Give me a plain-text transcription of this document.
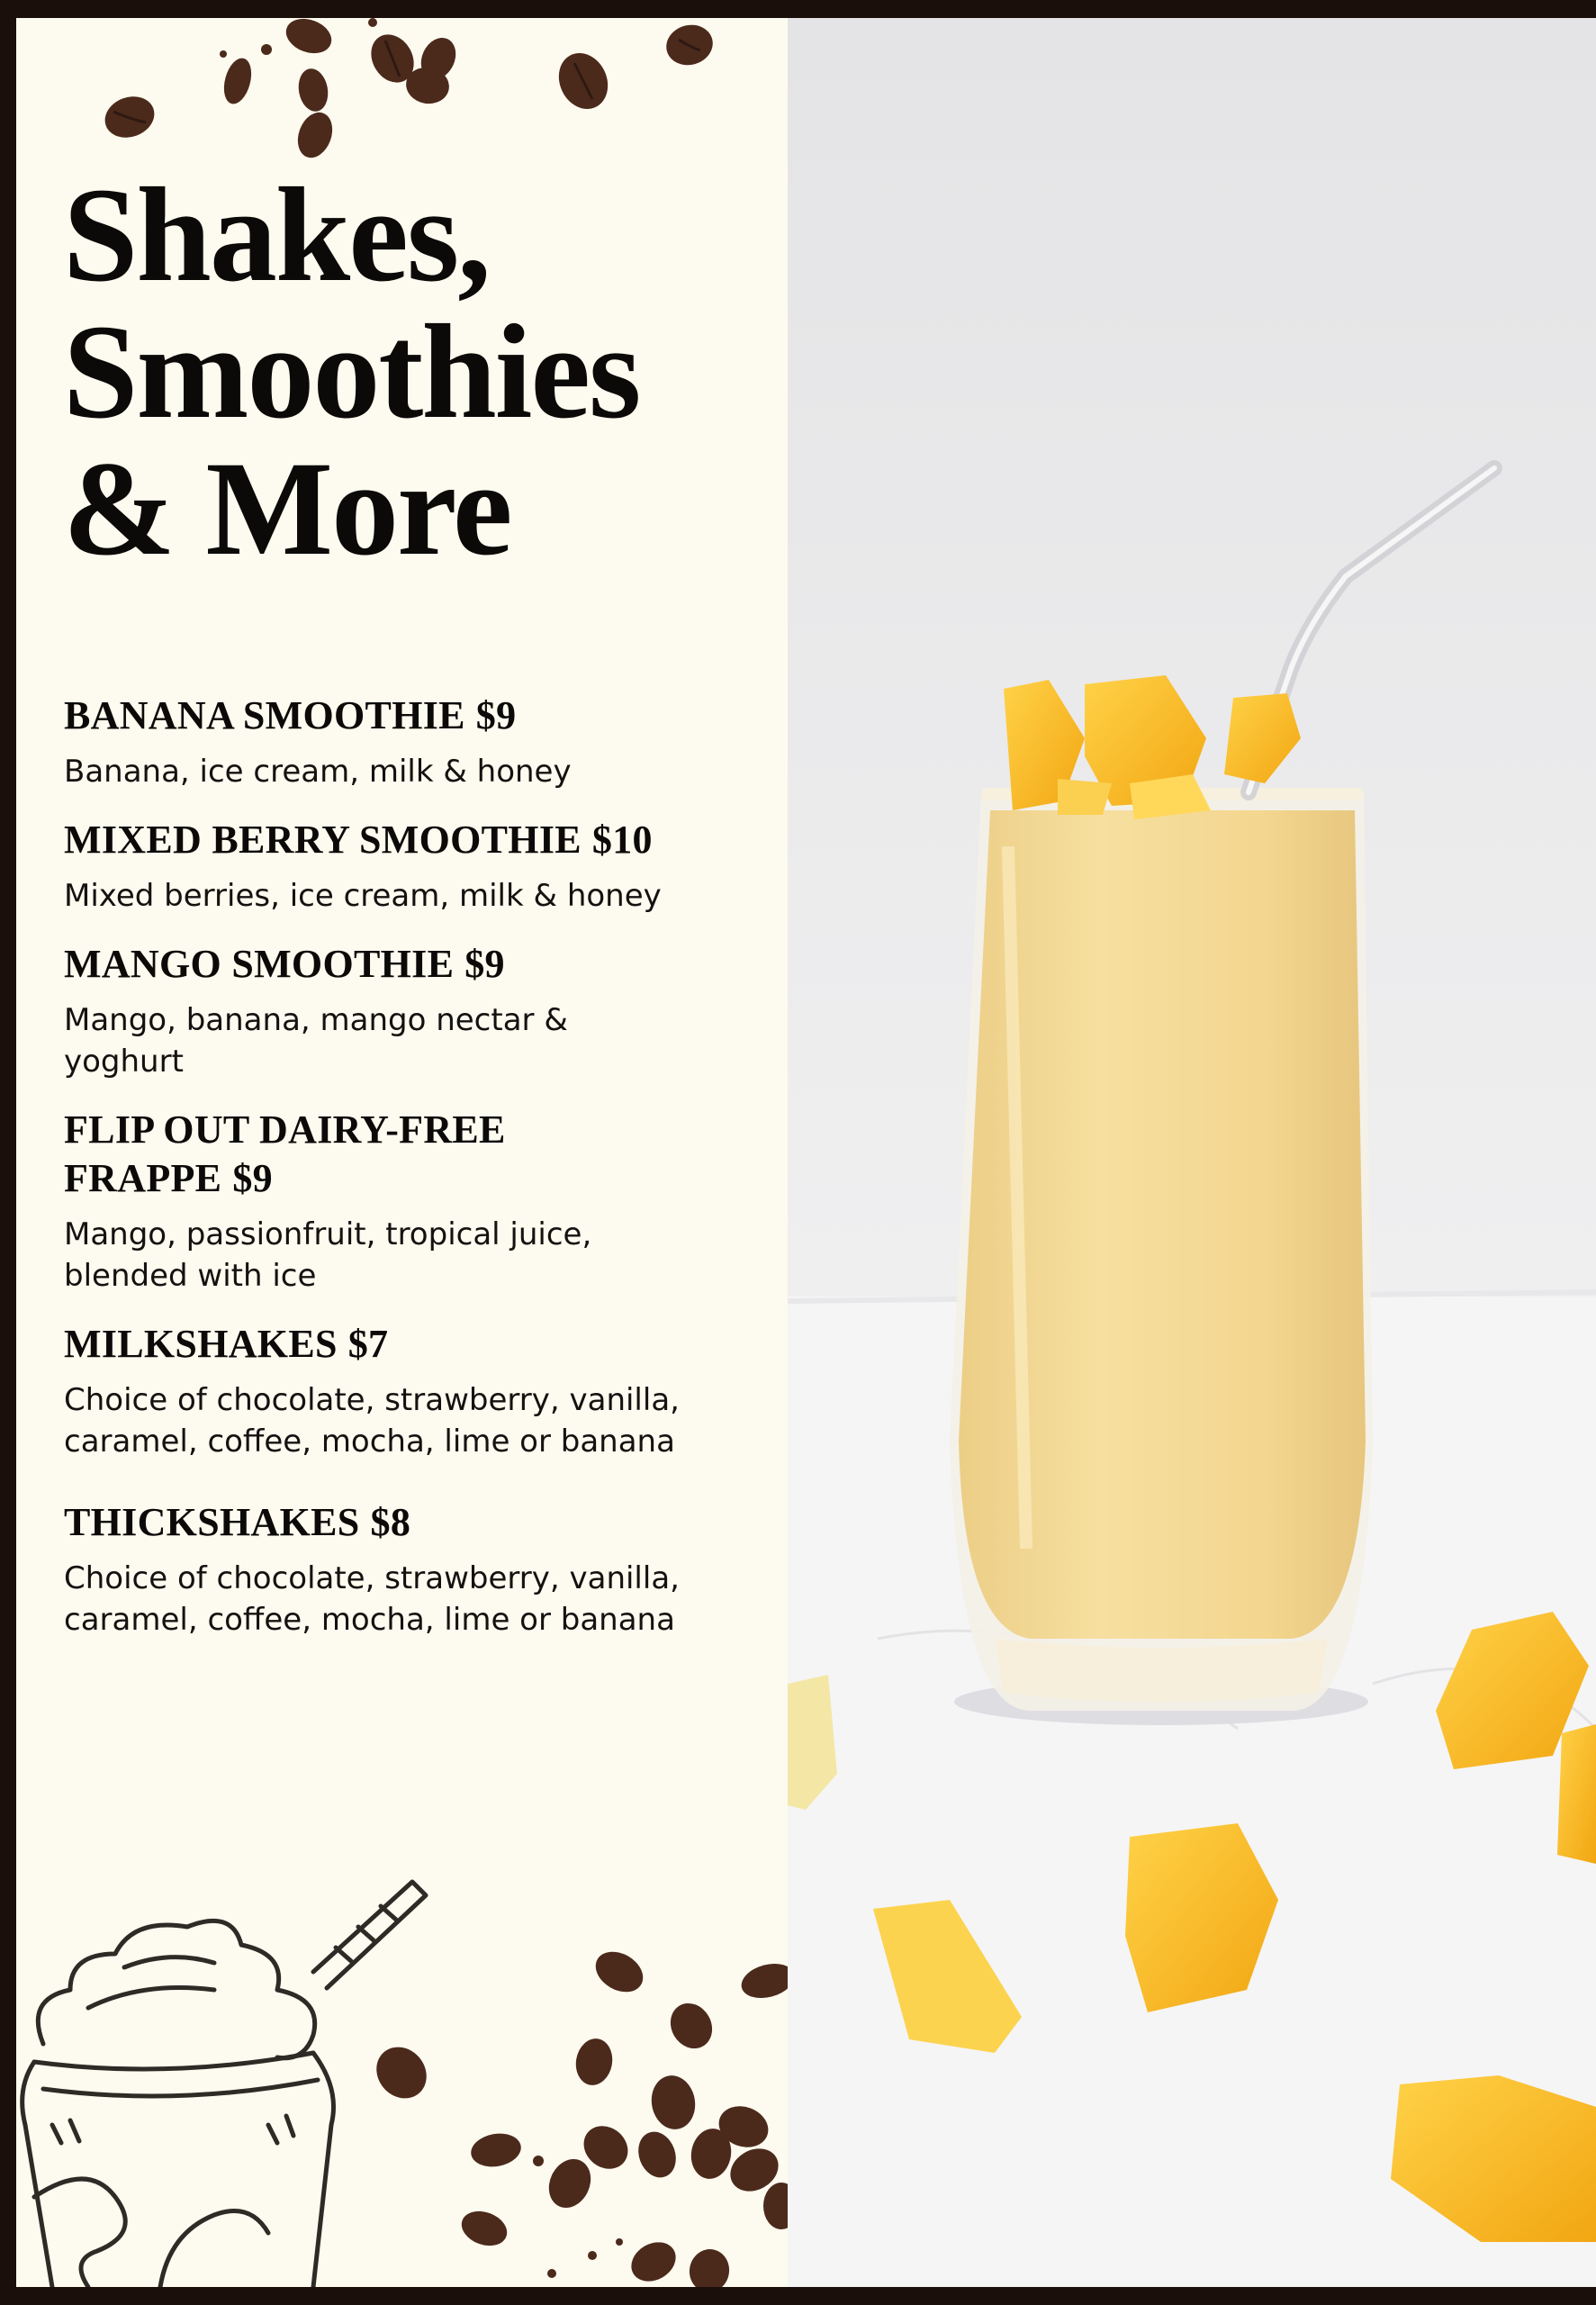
Shakes,
Smoothies
& More

BANANA SMOOTHIE $9

Banana, ice cream, milk & honey

MIXED BERRY SMOOTHIE $10

Mixed berries, ice cream, milk & honey

MANGO SMOOTHIE $9

Mango, banana, mango nectar & yoghurt

FLIP OUT DAIRY-FREE FRAPPE $9

Mango, passionfruit, tropical juice, blended with ice

MILKSHAKES $7

Choice of chocolate, strawberry, vanilla, caramel, coffee, mocha, lime or banana

THICKSHAKES $8

Choice of chocolate, strawberry, vanilla, caramel, coffee, mocha, lime or banana
